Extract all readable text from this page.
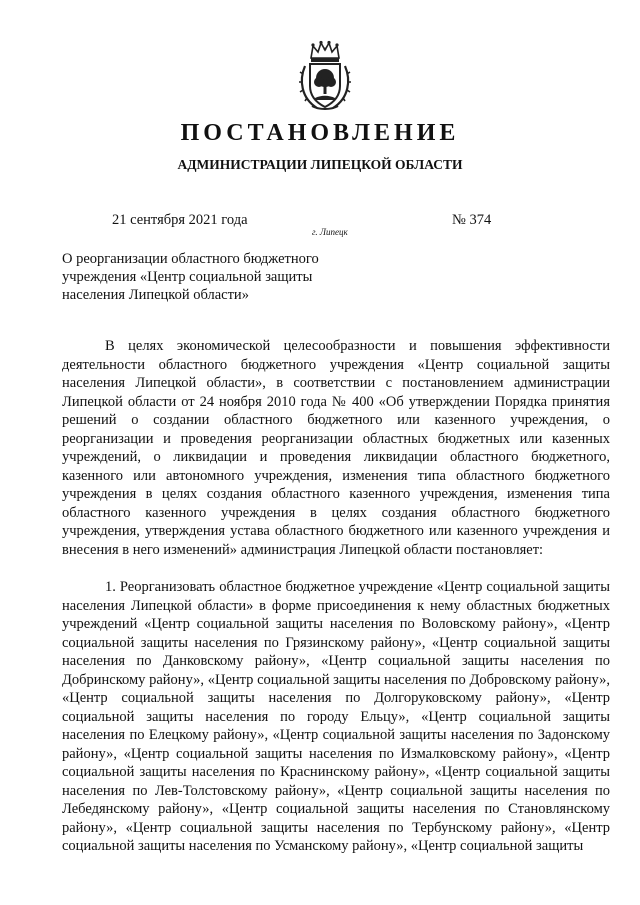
ПОСТАНОВЛЕНИЕ
АДМИНИСТРАЦИИ ЛИПЕЦКОЙ ОБЛАСТИ
21 сентября 2021 года
г. Липецк
№ 374
О реорганизации областного бюджетного
учреждения «Центр социальной защиты
населения Липецкой области»

В целях экономической целесообразности и повышения эффективности деятельности областного бюджетного учреждения «Центр социальной защиты населения Липецкой области», в соответствии с постановлением администрации Липецкой области от 24 ноября 2010 года № 400 «Об утверждении Порядка принятия решений о создании областного бюджетного или казенного учреждения, о реорганизации и проведения реорганизации областных бюджетных или казенных учреждений, о ликвидации и проведения ликвидации областного бюджетного, казенного или автономного учреждения, изменения типа областного бюджетного учреждения в целях создания областного казенного учреждения, изменения типа областного казенного учреждения в целях создания областного бюджетного учреждения, утверждения устава областного бюджетного или казенного учреждения и внесения в него изменений» администрация Липецкой области постановляет:

1. Реорганизовать областное бюджетное учреждение «Центр социальной защиты населения Липецкой области» в форме присоединения к нему областных бюджетных учреждений «Центр социальной защиты населения по Воловскому району», «Центр социальной защиты населения по Грязинскому району», «Центр социальной защиты населения по Данковскому району», «Центр социальной защиты населения по Добринскому району», «Центр социальной защиты населения по Добровскому району», «Центр социальной защиты населения по Долгоруковскому району», «Центр социальной защиты населения по городу Ельцу», «Центр социальной защиты населения по Елецкому району», «Центр социальной защиты населения по Задонскому району», «Центр социальной защиты населения по Измалковскому району», «Центр социальной защиты населения по Краснинскому району», «Центр социальной защиты населения по Лев-Толстовскому району», «Центр социальной защиты населения по Лебедянскому району», «Центр социальной защиты населения по Становлянскому району», «Центр социальной защиты населения по Тербунскому району», «Центр социальной защиты населения по Усманскому району», «Центр социальной защиты
